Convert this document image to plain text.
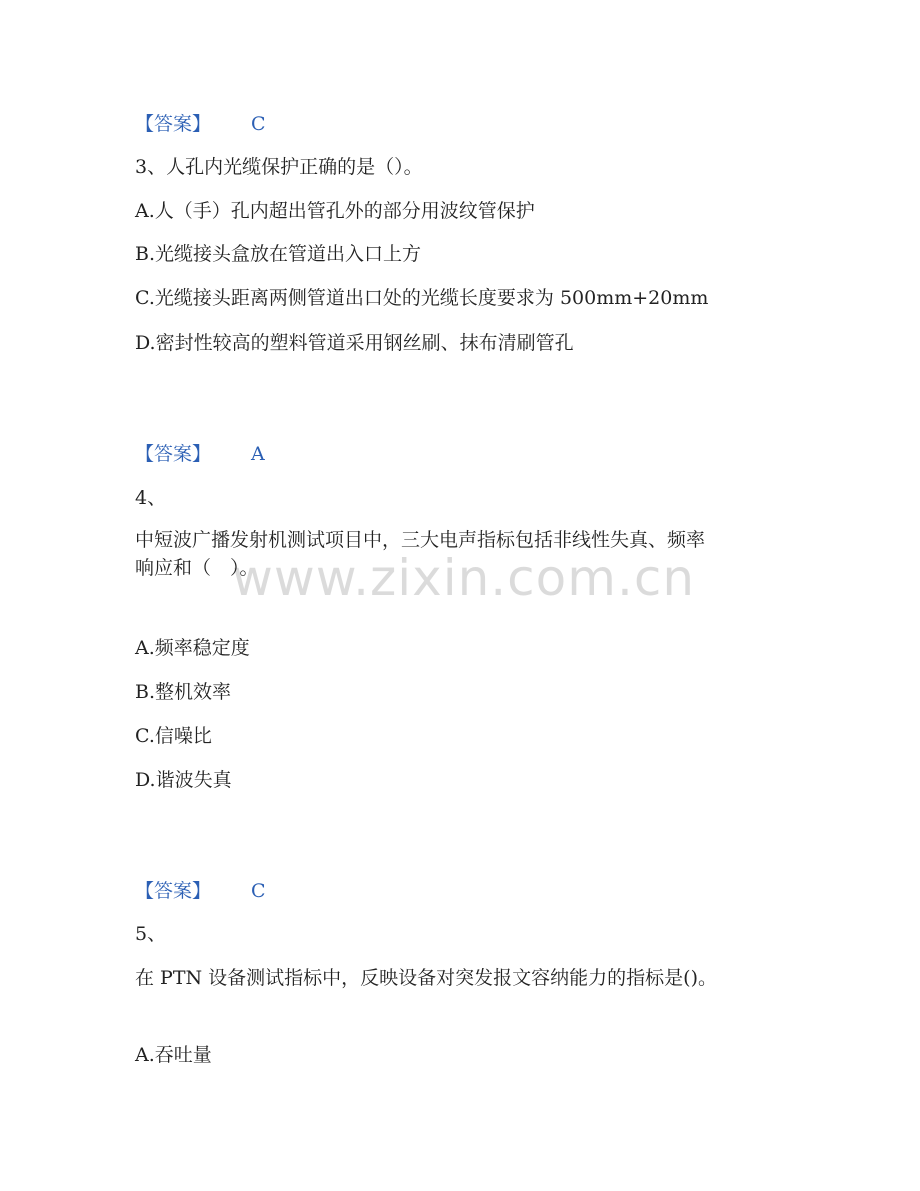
www.zixin.com.cn
【答案】 C
3、人孔内光缆保护正确的是（）。
A.人（手）孔内超出管孔外的部分用波纹管保护
B.光缆接头盒放在管道出入口上方
C.光缆接头距离两侧管道出口处的光缆长度要求为 500mm+20mm
D.密封性较高的塑料管道采用钢丝刷、抹布清刷管孔
【答案】 A
4、
中短波广播发射机测试项目中，三大电声指标包括非线性失真、频率
响应和（　）。
A.频率稳定度
B.整机效率
C.信噪比
D.谐波失真
【答案】 C
5、
在 PTN 设备测试指标中，反映设备对突发报文容纳能力的指标是()。
A.吞吐量
